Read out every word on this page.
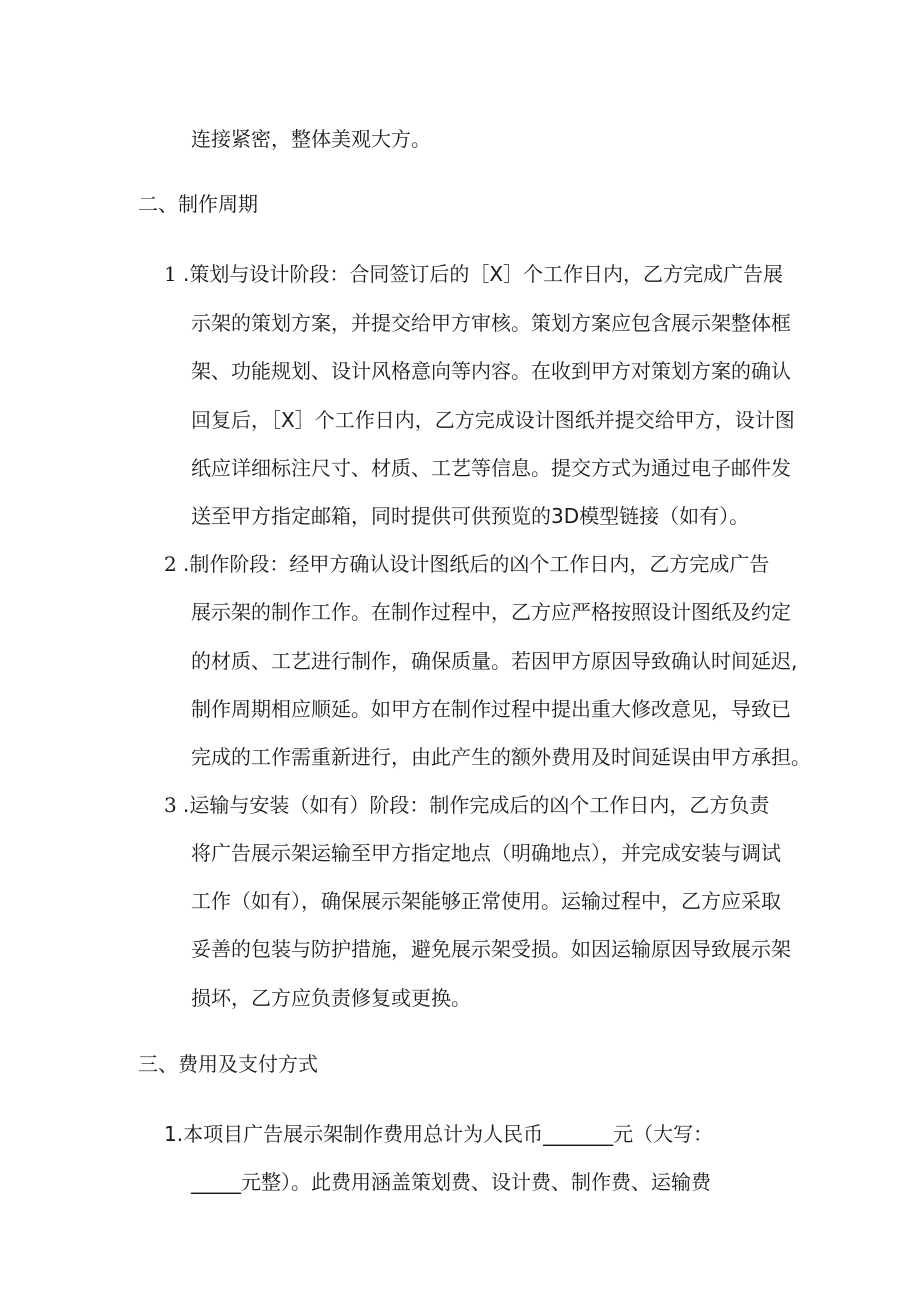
连接紧密，整体美观大方。
二、制作周期
1 .策划与设计阶段：合同签订后的［X］个工作日内，乙方完成广告展
示架的策划方案，并提交给甲方审核。策划方案应包含展示架整体框
架、功能规划、设计风格意向等内容。在收到甲方对策划方案的确认
回复后，［X］个工作日内，乙方完成设计图纸并提交给甲方，设计图
纸应详细标注尺寸、材质、工艺等信息。提交方式为通过电子邮件发
送至甲方指定邮箱，同时提供可供预览的3D模型链接（如有）。
2 .制作阶段：经甲方确认设计图纸后的凶个工作日内，乙方完成广告
展示架的制作工作。在制作过程中，乙方应严格按照设计图纸及约定
的材质、工艺进行制作，确保质量。若因甲方原因导致确认时间延迟,
制作周期相应顺延。如甲方在制作过程中提出重大修改意见，导致已
完成的工作需重新进行，由此产生的额外费用及时间延误由甲方承担。
3 .运输与安装（如有）阶段：制作完成后的凶个工作日内，乙方负责
将广告展示架运输至甲方指定地点（明确地点），并完成安装与调试
工作（如有），确保展示架能够正常使用。运输过程中，乙方应采取
妥善的包装与防护措施，避免展示架受损。如因运输原因导致展示架
损坏，乙方应负责修复或更换。
三、费用及支付方式
1.本项目广告展示架制作费用总计为人民币_______元（大写：
_____元整）。此费用涵盖策划费、设计费、制作费、运输费
